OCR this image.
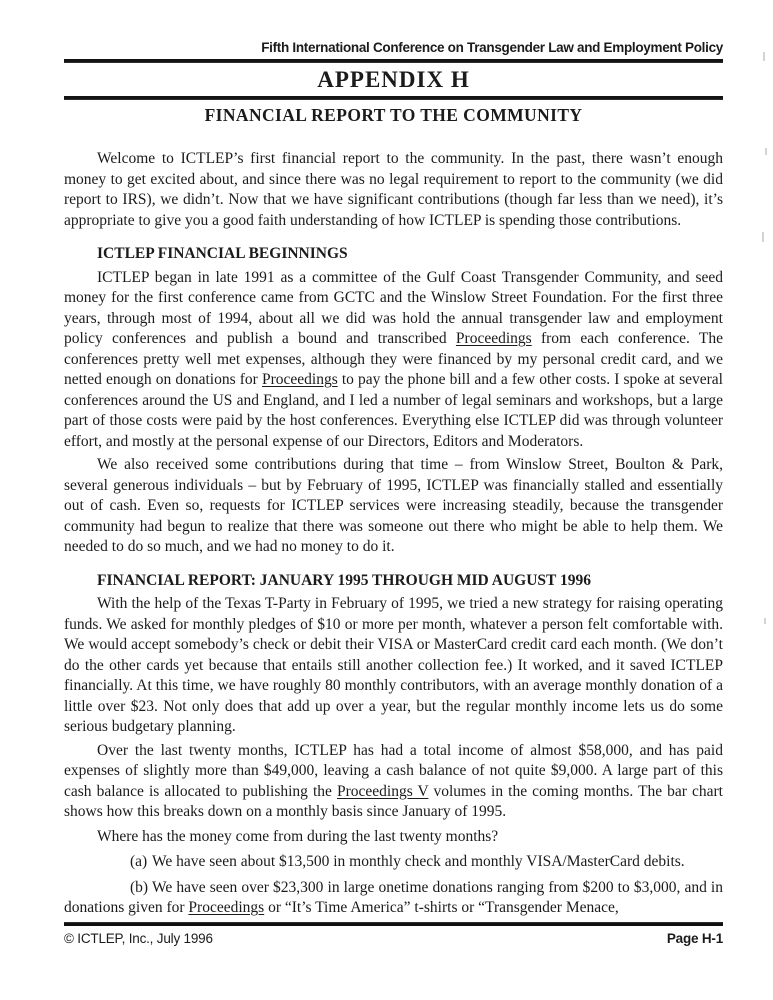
Fifth International Conference on Transgender Law and Employment Policy
APPENDIX H
FINANCIAL REPORT TO THE COMMUNITY

Welcome to ICTLEP’s first financial report to the community. In the past, there wasn’t enough money to get excited about, and since there was no legal requirement to report to the community (we did report to IRS), we didn’t. Now that we have significant contributions (though far less than we need), it’s appropriate to give you a good faith understanding of how ICTLEP is spending those contributions.

ICTLEP FINANCIAL BEGINNINGS

ICTLEP began in late 1991 as a committee of the Gulf Coast Transgender Community, and seed money for the first conference came from GCTC and the Winslow Street Foundation. For the first three years, through most of 1994, about all we did was hold the annual transgender law and employment policy conferences and publish a bound and transcribed Proceedings from each conference. The conferences pretty well met expenses, although they were financed by my personal credit card, and we netted enough on donations for Proceedings to pay the phone bill and a few other costs. I spoke at several conferences around the US and England, and I led a number of legal seminars and workshops, but a large part of those costs were paid by the host conferences. Everything else ICTLEP did was through volunteer effort, and mostly at the personal expense of our Directors, Editors and Moderators.

We also received some contributions during that time – from Winslow Street, Boulton & Park, several generous individuals – but by February of 1995, ICTLEP was financially stalled and essentially out of cash. Even so, requests for ICTLEP services were increasing steadily, because the transgender community had begun to realize that there was someone out there who might be able to help them. We needed to do so much, and we had no money to do it.

FINANCIAL REPORT: JANUARY 1995 THROUGH MID AUGUST 1996

With the help of the Texas T-Party in February of 1995, we tried a new strategy for raising operating funds. We asked for monthly pledges of $10 or more per month, whatever a person felt comfortable with. We would accept somebody’s check or debit their VISA or MasterCard credit card each month. (We don’t do the other cards yet because that entails still another collection fee.) It worked, and it saved ICTLEP financially. At this time, we have roughly 80 monthly contributors, with an average monthly donation of a little over $23. Not only does that add up over a year, but the regular monthly income lets us do some serious budgetary planning.

Over the last twenty months, ICTLEP has had a total income of almost $58,000, and has paid expenses of slightly more than $49,000, leaving a cash balance of not quite $9,000. A large part of this cash balance is allocated to publishing the Proceedings V volumes in the coming months. The bar chart shows how this breaks down on a monthly basis since January of 1995.

Where has the money come from during the last twenty months?

(a) We have seen about $13,500 in monthly check and monthly VISA/MasterCard debits.

(b) We have seen over $23,300 in large onetime donations ranging from $200 to $3,000, and in donations given for Proceedings or “It’s Time America” t-shirts or “Transgender Menace,

© ICTLEP, Inc., July 1996	Page H-1
